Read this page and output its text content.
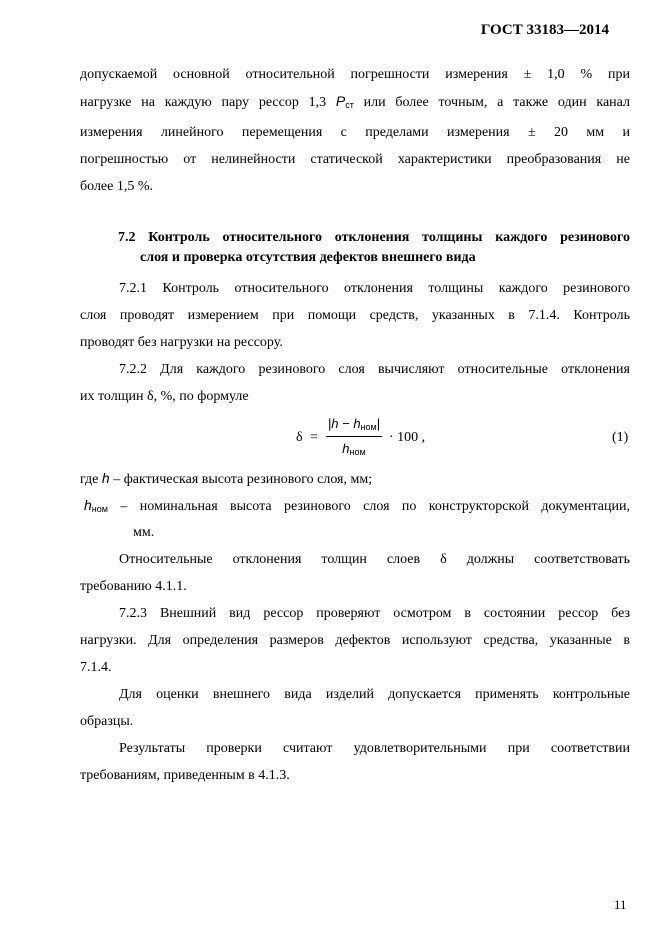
ГОСТ 33183—2014
допускаемой основной относительной погрешности измерения ± 1,0 % при
нагрузке на каждую пару рессор 1,3 $P_{ст}$ или более точным, а также один канал
измерения линейного перемещения с пределами измерения ± 20 мм и
погрешностью от нелинейности статической характеристики преобразования не
более 1,5 %.
7.2 Контроль относительного отклонения толщины каждого резинового
слоя и проверка отсутствия дефектов внешнего вида
7.2.1 Контроль относительного отклонения толщины каждого резинового
слоя проводят измерением при помощи средств, указанных в 7.1.4. Контроль
проводят без нагрузки на рессору.
7.2.2 Для каждого резинового слоя вычисляют относительные отклонения
их толщин δ, %, по формуле
δ =
$|h - h_{ном}|$
$h_{ном}$
· 100 ,	(1)
где h – фактическая высота резинового слоя, мм;
$h_{ном}$ – номинальная высота резинового слоя по конструкторской документации,
мм.
Относительные отклонения толщин слоев δ должны соответствовать
требованию 4.1.1.
7.2.3 Внешний вид рессор проверяют осмотром в состоянии рессор без
нагрузки. Для определения размеров дефектов используют средства, указанные в
7.1.4.
Для оценки внешнего вида изделий допускается применять контрольные
образцы.
Результаты проверки считают удовлетворительными при соответствии
требованиям, приведенным в 4.1.3.
11
